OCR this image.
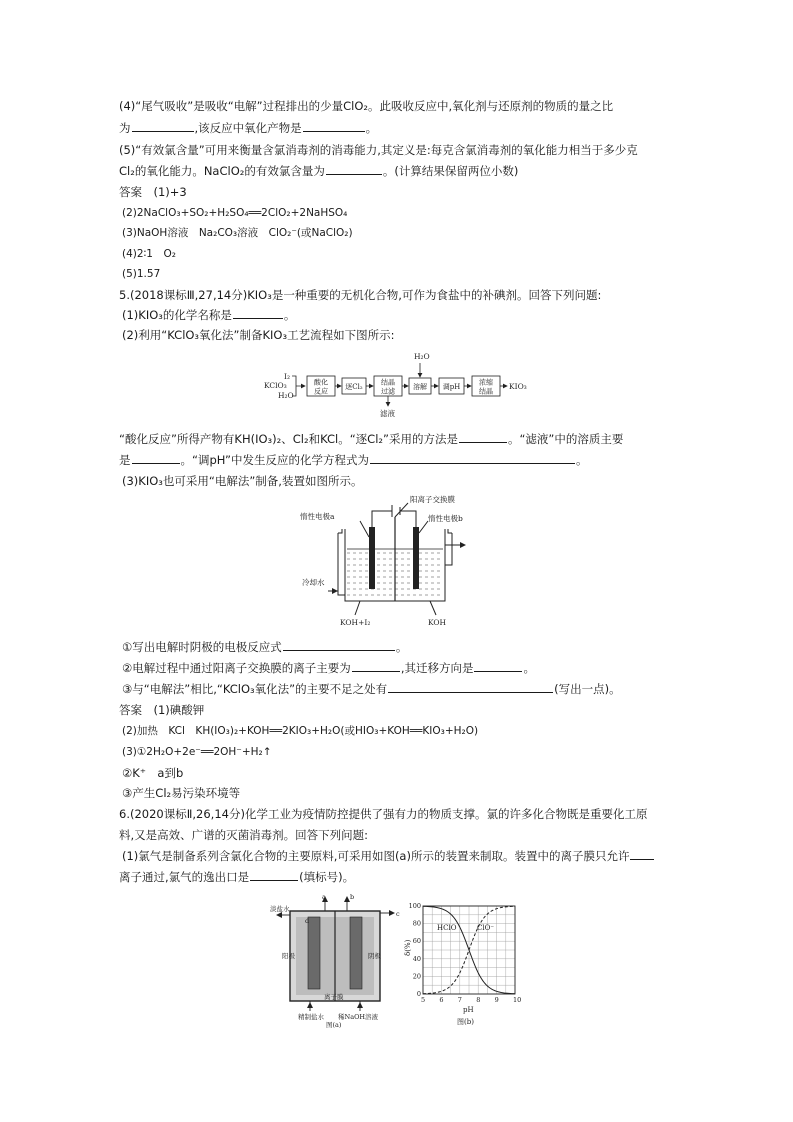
(4)“尾气吸收”是吸收“电解”过程排出的少量ClO₂。此吸收反应中,氧化剂与还原剂的物质的量之比
为	,该反应中氧化产物是	。
(5)“有效氯含量”可用来衡量含氯消毒剂的消毒能力,其定义是:每克含氯消毒剂的氧化能力相当于多少克
Cl₂的氧化能力。NaClO₂的有效氯含量为	。(计算结果保留两位小数)
答案　(1)+3
(2)2NaClO₃+SO₂+H₂SO₄══2ClO₂+2NaHSO₄
(3)NaOH溶液　Na₂CO₃溶液　ClO₂⁻(或NaClO₂)
(4)2∶1　O₂
(5)1.57
5.(2018课标Ⅲ,27,14分)KIO₃是一种重要的无机化合物,可作为食盐中的补碘剂。回答下列问题:
(1)KIO₃的化学名称是	。
(2)利用“KClO₃氧化法”制备KIO₃工艺流程如下图所示:
KClO₃
I₂
H₂O
酸化
反应
逐Cl₂
结晶
过滤
溶解 调pH
浓缩
结晶
H₂O
滤液
KIO₃
“酸化反应”所得产物有KH(IO₃)₂、Cl₂和KCl。“逐Cl₂”采用的方法是	。“滤液”中的溶质主要
是	。“调pH”中发生反应的化学方程式为	。
(3)KIO₃也可采用“电解法”制备,装置如图所示。
阳离子交换膜
惰性电极a	惰性电极b
冷却水
KOH+I₂	KOH
①写出电解时阴极的电极反应式	。
②电解过程中通过阳离子交换膜的离子主要为	,其迁移方向是	。
③与“电解法”相比,“KClO₃氧化法”的主要不足之处有	(写出一点)。
答案　(1)碘酸钾
(2)加热　KCl　KH(IO₃)₂+KOH══2KIO₃+H₂O(或HIO₃+KOH══KIO₃+H₂O)
(3)①2H₂O+2e⁻══2OH⁻+H₂↑
②K⁺　a到b
③产生Cl₂易污染环境等
6.(2020课标Ⅱ,26,14分)化学工业为疫情防控提供了强有力的物质支撑。氯的许多化合物既是重要化工原
料,又是高效、广谱的灭菌消毒剂。回答下列问题:
(1)氯气是制备系列含氯化合物的主要原料,可采用如图(a)所示的装置来制取。装置中的离子膜只允许
离子通过,氯气的逸出口是	(填标号)。
a	b
c
d
淡盐水
阳极	阴极
离子膜
精制盐水 稀NaOH溶液
图(a)
5 6 7 8 9 10
0
20
40
60
80
100
HClO	ClO⁻
δ(%)
pH
图(b)
